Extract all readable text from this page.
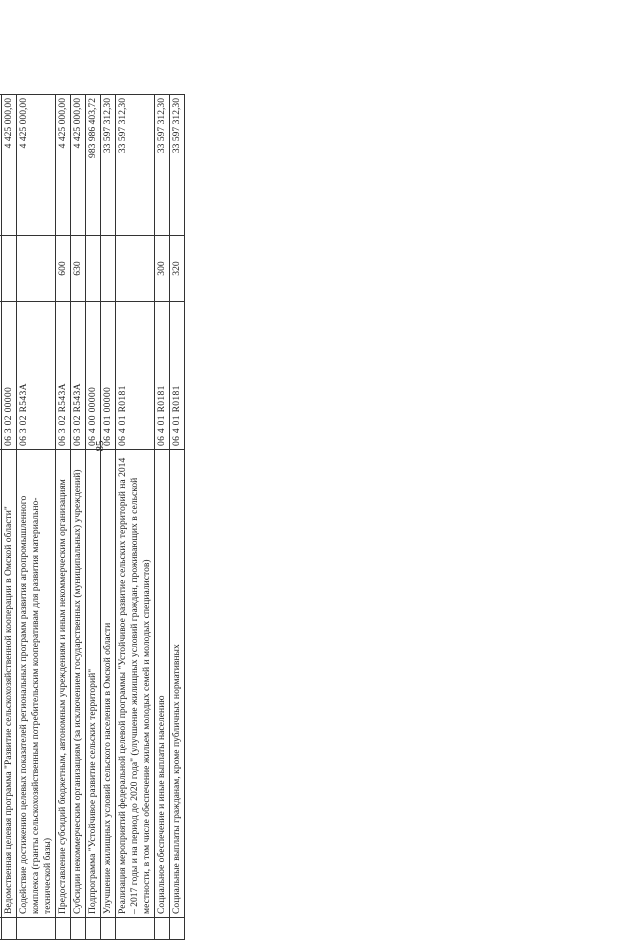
85

	Ведомственная целевая программа "Развитие сельскохозяйственной кооперации в Омской области"	06 3 02 00000		4 425 000,00
	Содействие достижению целевых показателей региональных программ развития агропромышленного комплекса (гранты сельскохозяйственным потребительским кооперативам для развития материально-технической базы)	06 3 02 R543А		4 425 000,00
	Предоставление субсидий бюджетным, автономным учреждениям и иным некоммерческим организациям	06 3 02 R543А	600	4 425 000,00
	Субсидии некоммерческим организациям (за исключением государственных (муниципальных) учреждений)	06 3 02 R543А	630	4 425 000,00
	Подпрограмма "Устойчивое развитие сельских территорий"	06 4 00 00000		983 986 403,72
	Улучшение жилищных условий сельского населения в Омской области	06 4 01 00000		33 597 312,30
	Реализация мероприятий федеральной целевой программы "Устойчивое развитие сельских территорий на 2014 – 2017 годы и на период до 2020 года" (улучшение жилищных условий граждан, проживающих в сельской местности, в том числе обеспечение жильем молодых семей и молодых специалистов)	06 4 01 R0181		33 597 312,30
	Социальное обеспечение и иные выплаты населению	06 4 01 R0181	300	33 597 312,30
	Социальные выплаты гражданам, кроме публичных нормативных	06 4 01 R0181	320	33 597 312,30
